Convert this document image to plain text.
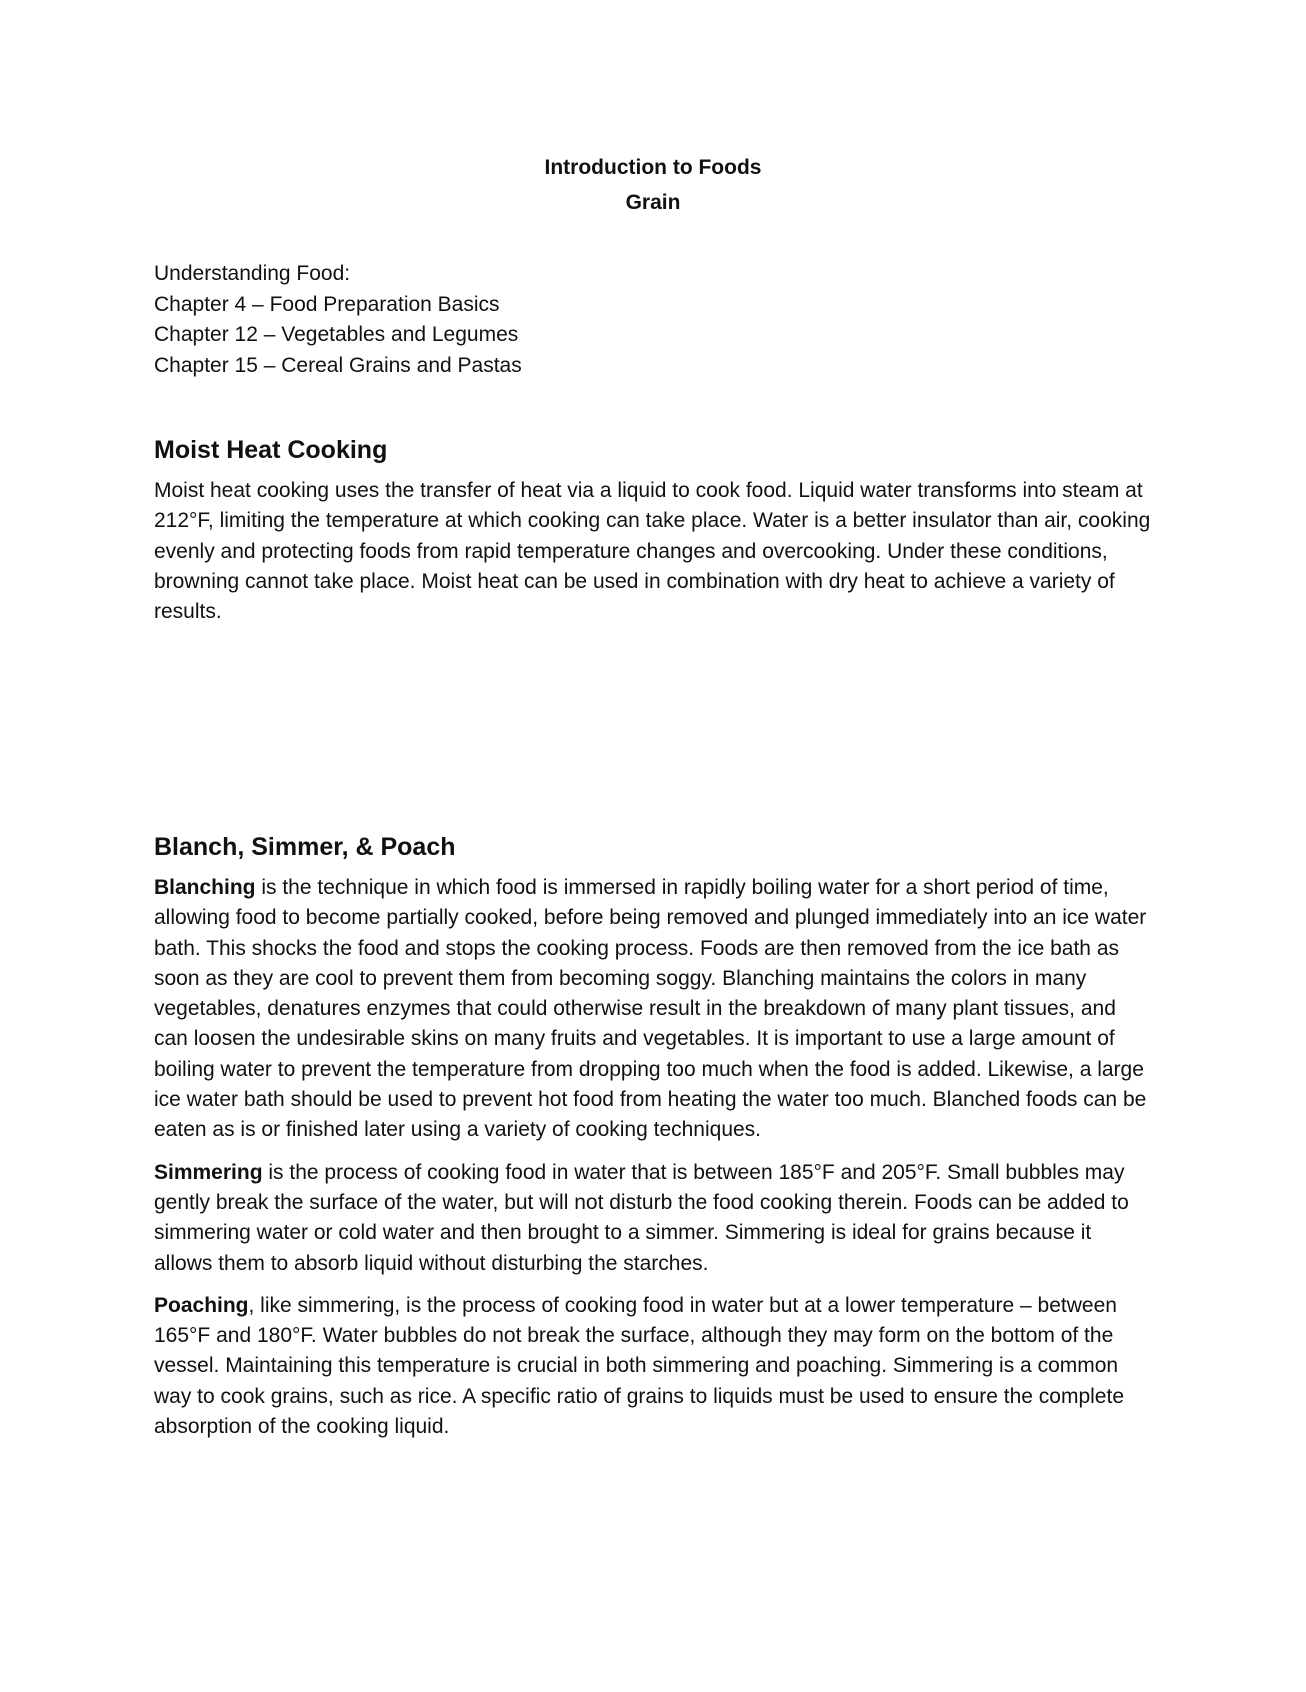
Introduction to Foods
Grain
Understanding Food:
Chapter 4 – Food Preparation Basics
Chapter 12 – Vegetables and Legumes
Chapter 15 – Cereal Grains and Pastas
Moist Heat Cooking

Moist heat cooking uses the transfer of heat via a liquid to cook food. Liquid water transforms into steam at 212°F, limiting the temperature at which cooking can take place. Water is a better insulator than air, cooking evenly and protecting foods from rapid temperature changes and overcooking. Under these conditions, browning cannot take place. Moist heat can be used in combination with dry heat to achieve a variety of results.

Blanch, Simmer, & Poach

Blanching is the technique in which food is immersed in rapidly boiling water for a short period of time, allowing food to become partially cooked, before being removed and plunged immediately into an ice water bath. This shocks the food and stops the cooking process. Foods are then removed from the ice bath as soon as they are cool to prevent them from becoming soggy. Blanching maintains the colors in many vegetables, denatures enzymes that could otherwise result in the breakdown of many plant tissues, and can loosen the undesirable skins on many fruits and vegetables. It is important to use a large amount of boiling water to prevent the temperature from dropping too much when the food is added. Likewise, a large ice water bath should be used to prevent hot food from heating the water too much. Blanched foods can be eaten as is or finished later using a variety of cooking techniques.

Simmering is the process of cooking food in water that is between 185°F and 205°F. Small bubbles may gently break the surface of the water, but will not disturb the food cooking therein. Foods can be added to simmering water or cold water and then brought to a simmer. Simmering is ideal for grains because it allows them to absorb liquid without disturbing the starches.

Poaching, like simmering, is the process of cooking food in water but at a lower temperature – between 165°F and 180°F. Water bubbles do not break the surface, although they may form on the bottom of the vessel. Maintaining this temperature is crucial in both simmering and poaching. Simmering is a common way to cook grains, such as rice. A specific ratio of grains to liquids must be used to ensure the complete absorption of the cooking liquid.
